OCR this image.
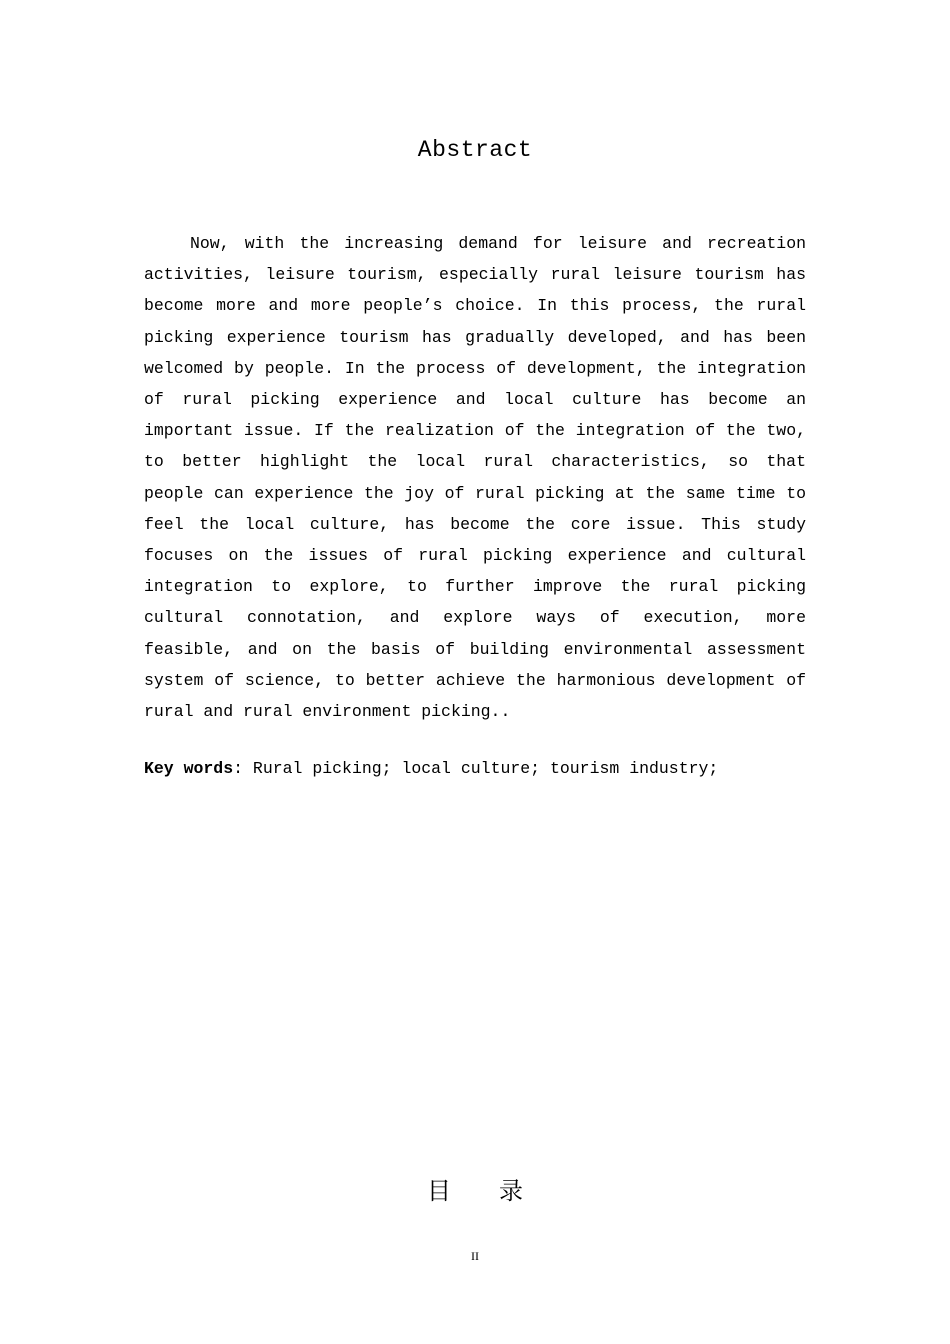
Abstract

Now, with the increasing demand for leisure and recreation activities, leisure tourism, especially rural leisure tourism has become more and more people’s choice. In this process, the rural picking experience tourism has gradually developed, and has been welcomed by people. In the process of development, the integration of rural picking experience and local culture has become an important issue. If the realization of the integration of the two, to better highlight the local rural characteristics, so that people can experience the joy of rural picking at the same time to feel the local culture, has become the core issue. This study focuses on the issues of rural picking experience and cultural integration to explore, to further improve the rural picking cultural connotation, and explore ways of execution, more feasible, and on the basis of building environmental assessment system of science, to better achieve the harmonious development of rural and rural environment picking..

Key words: Rural picking; local culture; tourism industry;
目录
II
